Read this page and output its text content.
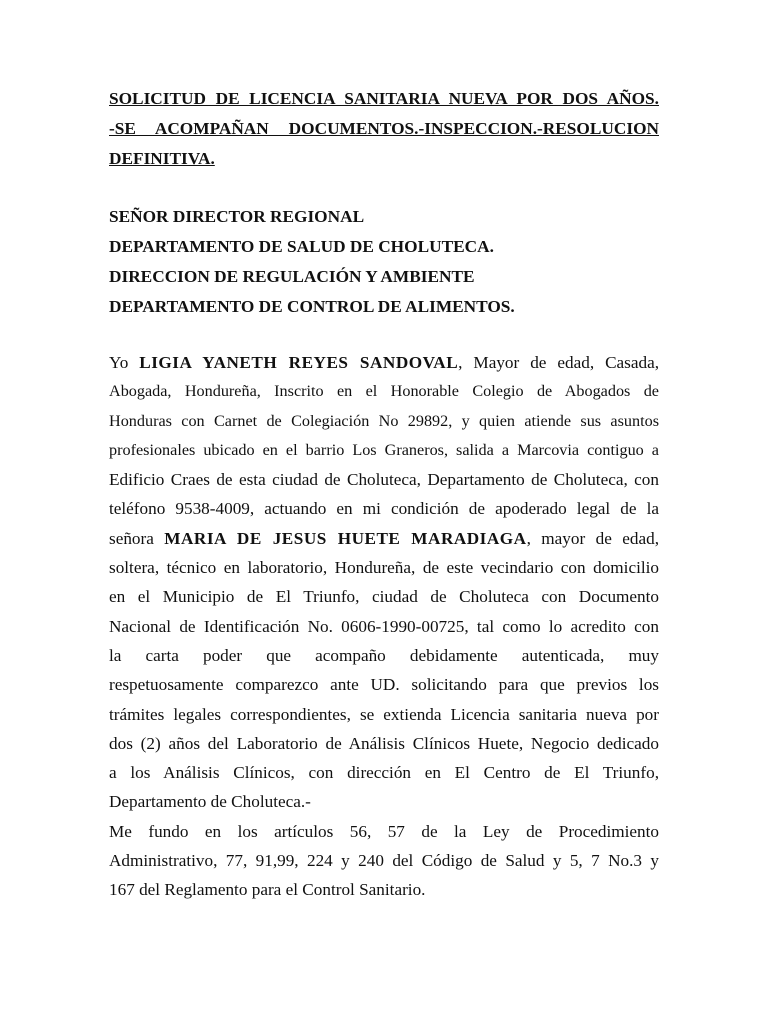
SOLICITUD DE LICENCIA SANITARIA NUEVA POR DOS AÑOS.
-SE ACOMPAÑAN DOCUMENTOS.-INSPECCION.-RESOLUCION
DEFINITIVA.
SEÑOR DIRECTOR REGIONAL
DEPARTAMENTO DE SALUD DE CHOLUTECA.
DIRECCION DE REGULACIÓN Y AMBIENTE
DEPARTAMENTO DE CONTROL DE ALIMENTOS.

Yo LIGIA YANETH REYES SANDOVAL, Mayor de edad, Casada,
Abogada, Hondureña, Inscrito en el Honorable Colegio de Abogados de
Honduras con Carnet de Colegiación No 29892, y quien atiende sus asuntos
profesionales ubicado en el barrio Los Graneros, salida a Marcovia contiguo a
Edificio Craes de esta ciudad de Choluteca, Departamento de Choluteca, con
teléfono 9538-4009, actuando en mi condición de apoderado legal de la
señora MARIA DE JESUS HUETE MARADIAGA, mayor de edad,
soltera, técnico en laboratorio, Hondureña, de este vecindario con domicilio
en el Municipio de El Triunfo, ciudad de Choluteca con Documento
Nacional de Identificación No. 0606-1990-00725, tal como lo acredito con
la carta poder que acompaño debidamente autenticada, muy
respetuosamente comparezco ante UD. solicitando para que previos los
trámites legales correspondientes, se extienda Licencia sanitaria nueva por
dos (2) años del Laboratorio de Análisis Clínicos Huete, Negocio dedicado
a los Análisis Clínicos, con dirección en El Centro de El Triunfo,
Departamento de Choluteca.-

Me fundo en los artículos 56, 57 de la Ley de Procedimiento
Administrativo, 77, 91,99, 224 y 240 del Código de Salud y 5, 7 No.3 y
167 del Reglamento para el Control Sanitario.
